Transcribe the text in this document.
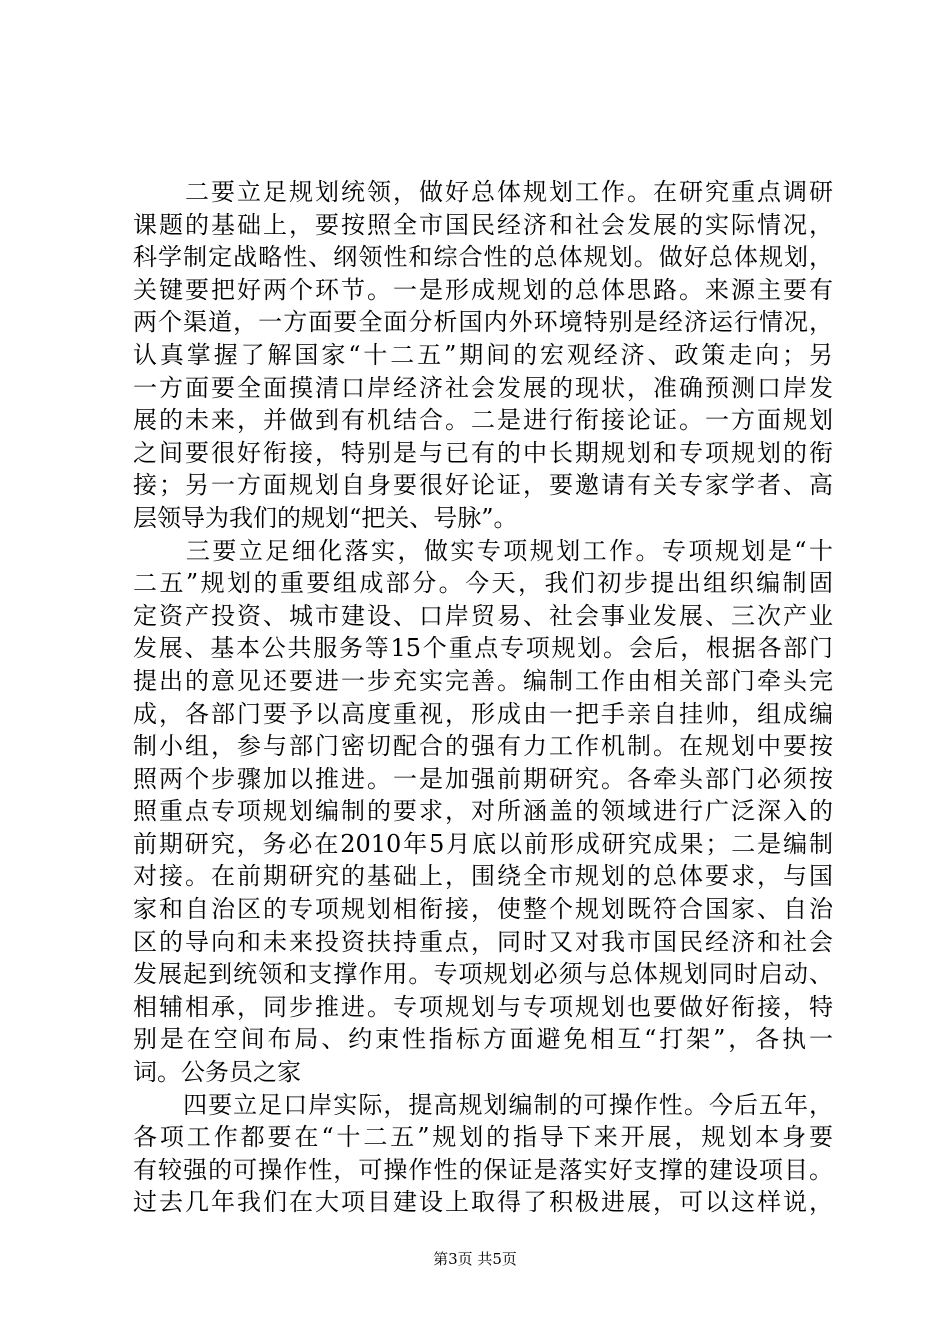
　　二要立足规划统领，做好总体规划工作。在研究重点调研
课题的基础上，要按照全市国民经济和社会发展的实际情况，
科学制定战略性、纲领性和综合性的总体规划。做好总体规划，
关键要把好两个环节。一是形成规划的总体思路。来源主要有
两个渠道，一方面要全面分析国内外环境特别是经济运行情况，
认真掌握了解国家“十二五”期间的宏观经济、政策走向；另
一方面要全面摸清口岸经济社会发展的现状，准确预测口岸发
展的未来，并做到有机结合。二是进行衔接论证。一方面规划
之间要很好衔接，特别是与已有的中长期规划和专项规划的衔
接；另一方面规划自身要很好论证，要邀请有关专家学者、高
层领导为我们的规划“把关、号脉”。
　　三要立足细化落实，做实专项规划工作。专项规划是“十
二五”规划的重要组成部分。今天，我们初步提出组织编制固
定资产投资、城市建设、口岸贸易、社会事业发展、三次产业
发展、基本公共服务等15个重点专项规划。会后，根据各部门
提出的意见还要进一步充实完善。编制工作由相关部门牵头完
成，各部门要予以高度重视，形成由一把手亲自挂帅，组成编
制小组，参与部门密切配合的强有力工作机制。在规划中要按
照两个步骤加以推进。一是加强前期研究。各牵头部门必须按
照重点专项规划编制的要求，对所涵盖的领域进行广泛深入的
前期研究，务必在2010年5月底以前形成研究成果；二是编制
对接。在前期研究的基础上，围绕全市规划的总体要求，与国
家和自治区的专项规划相衔接，使整个规划既符合国家、自治
区的导向和未来投资扶持重点，同时又对我市国民经济和社会
发展起到统领和支撑作用。专项规划必须与总体规划同时启动、
相辅相承，同步推进。专项规划与专项规划也要做好衔接，特
别是在空间布局、约束性指标方面避免相互“打架”，各执一
词。公务员之家
　　四要立足口岸实际，提高规划编制的可操作性。今后五年，
各项工作都要在“十二五”规划的指导下来开展，规划本身要
有较强的可操作性，可操作性的保证是落实好支撑的建设项目。
过去几年我们在大项目建设上取得了积极进展，可以这样说，
第3页 共5页
